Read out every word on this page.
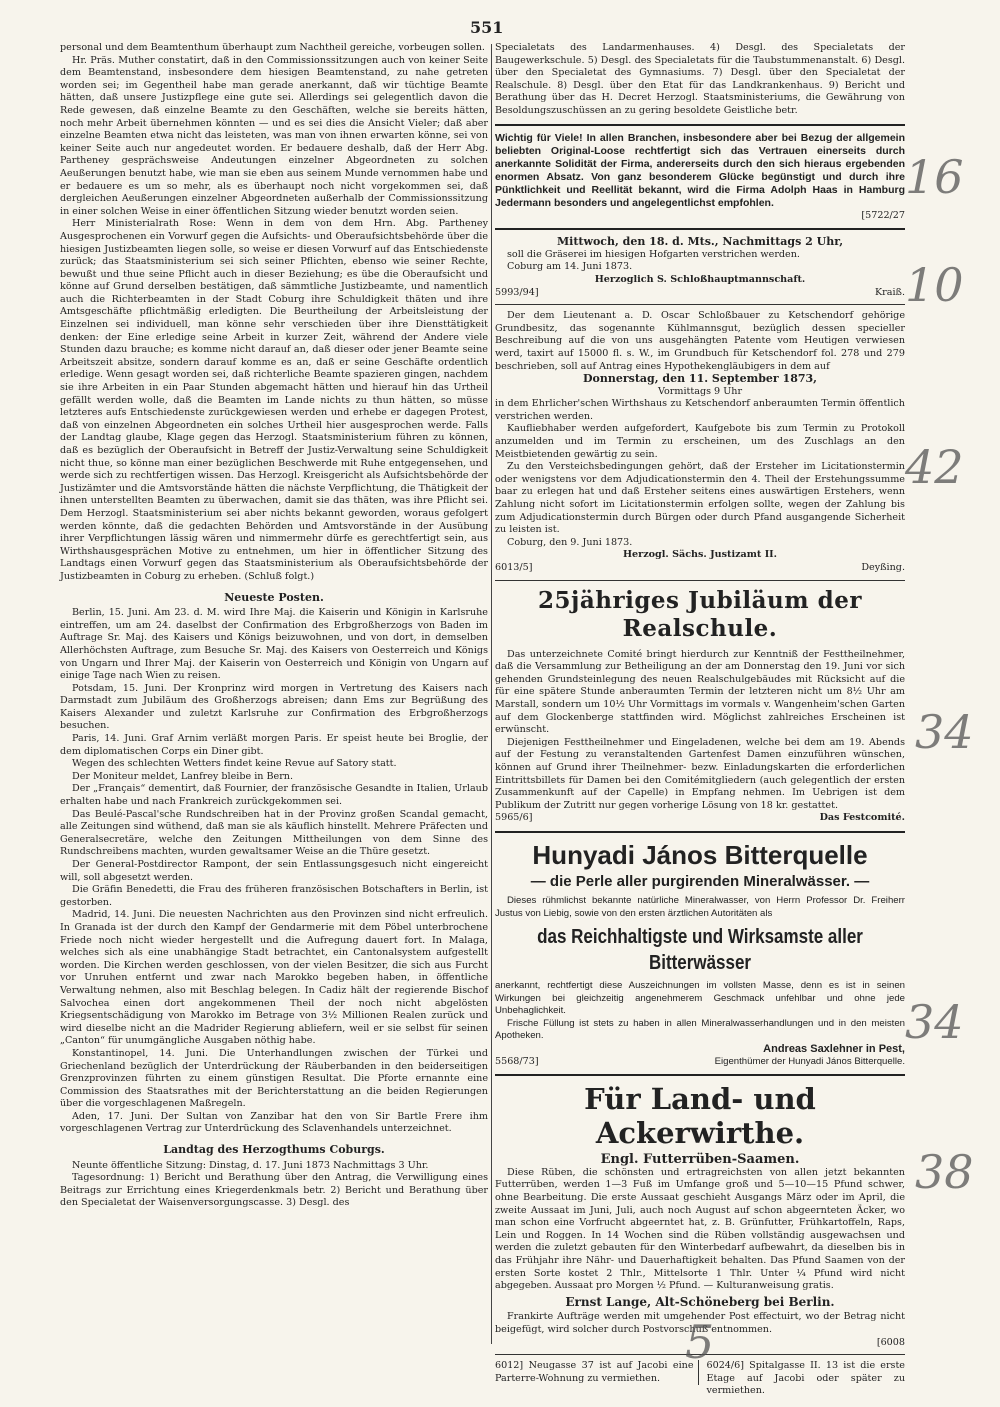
551

personal und dem Beamtenthum überhaupt zum Nachtheil gereiche, vorbeugen sollen.

Hr. Präs. Muther constatirt, daß in den Commissionssitzungen auch von keiner Seite dem Beamtenstand, insbesondere dem hiesigen Beamtenstand, zu nahe getreten worden sei; im Gegentheil habe man gerade anerkannt, daß wir tüchtige Beamte hätten, daß unsere Justizpflege eine gute sei. Allerdings sei gelegentlich davon die Rede gewesen, daß einzelne Beamte zu den Geschäften, welche sie bereits hätten, noch mehr Arbeit übernehmen könnten — und es sei dies die Ansicht Vieler; daß aber einzelne Beamten etwa nicht das leisteten, was man von ihnen erwarten könne, sei von keiner Seite auch nur angedeutet worden. Er bedauere deshalb, daß der Herr Abg. Partheney gesprächsweise Andeutungen einzelner Abgeordneten zu solchen Aeußerungen benutzt habe, wie man sie eben aus seinem Munde vernommen habe und er bedauere es um so mehr, als es überhaupt noch nicht vorgekommen sei, daß dergleichen Aeußerungen einzelner Abgeordneten außerhalb der Commissionssitzung in einer solchen Weise in einer öffentlichen Sitzung wieder benutzt worden seien.

Herr Ministerialrath Rose: Wenn in dem von dem Hrn. Abg. Partheney Ausgesprochenen ein Vorwurf gegen die Aufsichts- und Oberaufsichtsbehörde über die hiesigen Justizbeamten liegen solle, so weise er diesen Vorwurf auf das Entschiedenste zurück; das Staatsministerium sei sich seiner Pflichten, ebenso wie seiner Rechte, bewußt und thue seine Pflicht auch in dieser Beziehung; es übe die Oberaufsicht und könne auf Grund derselben bestätigen, daß sämmtliche Justizbeamte, und namentlich auch die Richterbeamten in der Stadt Coburg ihre Schuldigkeit thäten und ihre Amtsgeschäfte pflichtmäßig erledigten. Die Beurtheilung der Arbeitsleistung der Einzelnen sei individuell, man könne sehr verschieden über ihre Diensttätigkeit denken: der Eine erledige seine Arbeit in kurzer Zeit, während der Andere viele Stunden dazu brauche; es komme nicht darauf an, daß dieser oder jener Beamte seine Arbeitszeit absitze, sondern darauf komme es an, daß er seine Geschäfte ordentlich erledige. Wenn gesagt worden sei, daß richterliche Beamte spazieren gingen, nachdem sie ihre Arbeiten in ein Paar Stunden abgemacht hätten und hierauf hin das Urtheil gefällt werden wolle, daß die Beamten im Lande nichts zu thun hätten, so müsse letzteres aufs Entschiedenste zurückgewiesen werden und erhebe er dagegen Protest, daß von einzelnen Abgeordneten ein solches Urtheil hier ausgesprochen werde. Falls der Landtag glaube, Klage gegen das Herzogl. Staatsministerium führen zu können, daß es bezüglich der Oberaufsicht in Betreff der Justiz-Verwaltung seine Schuldigkeit nicht thue, so könne man einer bezüglichen Beschwerde mit Ruhe entgegensehen, und werde sich zu rechtfertigen wissen. Das Herzogl. Kreisgericht als Aufsichtsbehörde der Justizämter und die Amtsvorstände hätten die nächste Verpflichtung, die Thätigkeit der ihnen unterstellten Beamten zu überwachen, damit sie das thäten, was ihre Pflicht sei. Dem Herzogl. Staatsministerium sei aber nichts bekannt geworden, woraus gefolgert werden könnte, daß die gedachten Behörden und Amtsvorstände in der Ausübung ihrer Verpflichtungen lässig wären und nimmermehr dürfe es gerechtfertigt sein, aus Wirthshausgesprächen Motive zu entnehmen, um hier in öffentlicher Sitzung des Landtags einen Vorwurf gegen das Staatsministerium als Oberaufsichtsbehörde der Justizbeamten in Coburg zu erheben. (Schluß folgt.)

Neueste Posten.

Berlin, 15. Juni. Am 23. d. M. wird Ihre Maj. die Kaiserin und Königin in Karlsruhe eintreffen, um am 24. daselbst der Confirmation des Erbgroßherzogs von Baden im Auftrage Sr. Maj. des Kaisers und Königs beizuwohnen, und von dort, in demselben Allerhöchsten Auftrage, zum Besuche Sr. Maj. des Kaisers von Oesterreich und Königs von Ungarn und Ihrer Maj. der Kaiserin von Oesterreich und Königin von Ungarn auf einige Tage nach Wien zu reisen.

Potsdam, 15. Juni. Der Kronprinz wird morgen in Vertretung des Kaisers nach Darmstadt zum Jubiläum des Großherzogs abreisen; dann Ems zur Begrüßung des Kaisers Alexander und zuletzt Karlsruhe zur Confirmation des Erbgroßherzogs besuchen.

Paris, 14. Juni. Graf Arnim verläßt morgen Paris. Er speist heute bei Broglie, der dem diplomatischen Corps ein Diner gibt.

Wegen des schlechten Wetters findet keine Revue auf Satory statt.

Der Moniteur meldet, Lanfrey bleibe in Bern.

Der „Français“ dementirt, daß Fournier, der französische Gesandte in Italien, Urlaub erhalten habe und nach Frankreich zurückgekommen sei.

Das Beulé-Pascal'sche Rundschreiben hat in der Provinz großen Scandal gemacht, alle Zeitungen sind wüthend, daß man sie als käuflich hinstellt. Mehrere Präfecten und Generalsecretäre, welche den Zeitungen Mittheilungen von dem Sinne des Rundschreibens machten, wurden gewaltsamer Weise an die Thüre gesetzt.

Der General-Postdirector Rampont, der sein Entlassungsgesuch nicht eingereicht will, soll abgesetzt werden.

Die Gräfin Benedetti, die Frau des früheren französischen Botschafters in Berlin, ist gestorben.

Madrid, 14. Juni. Die neuesten Nachrichten aus den Provinzen sind nicht erfreulich. In Granada ist der durch den Kampf der Gendarmerie mit dem Pöbel unterbrochene Friede noch nicht wieder hergestellt und die Aufregung dauert fort. In Malaga, welches sich als eine unabhängige Stadt betrachtet, ein Cantonalsystem aufgestellt worden. Die Kirchen werden geschlossen, von der vielen Besitzer, die sich aus Furcht vor Unruhen entfernt und zwar nach Marokko begeben haben, in öffentliche Verwaltung nehmen, also mit Beschlag belegen. In Cadiz hält der regierende Bischof Salvochea einen dort angekommenen Theil der noch nicht abgelösten Kriegsentschädigung von Marokko im Betrage von 3½ Millionen Realen zurück und wird dieselbe nicht an die Madrider Regierung abliefern, weil er sie selbst für seinen „Canton“ für unumgängliche Ausgaben nöthig habe.

Konstantinopel, 14. Juni. Die Unterhandlungen zwischen der Türkei und Griechenland bezüglich der Unterdrückung der Räuberbanden in den beiderseitigen Grenzprovinzen führten zu einem günstigen Resultat. Die Pforte ernannte eine Commission des Staatsrathes mit der Berichterstattung an die beiden Regierungen über die vorgeschlagenen Maßregeln.

Aden, 17. Juni. Der Sultan von Zanzibar hat den von Sir Bartle Frere ihm vorgeschlagenen Vertrag zur Unterdrückung des Sclavenhandels unterzeichnet.

Landtag des Herzogthums Coburgs.

Neunte öffentliche Sitzung: Dinstag, d. 17. Juni 1873 Nachmittags 3 Uhr.

Tagesordnung: 1) Bericht und Berathung über den Antrag, die Verwilligung eines Beitrags zur Errichtung eines Kriegerdenkmals betr. 2) Bericht und Berathung über den Specialetat der Waisenversorgungscasse. 3) Desgl. des

Specialetats des Landarmenhauses. 4) Desgl. des Specialetats der Baugewerkschule. 5) Desgl. des Specialetats für die Taubstummenanstalt. 6) Desgl. über den Specialetat des Gymnasiums. 7) Desgl. über den Specialetat der Realschule. 8) Desgl. über den Etat für das Landkrankenhaus. 9) Bericht und Berathung über das H. Decret Herzogl. Staatsministeriums, die Gewährung von Besoldungszuschüssen an zu gering besoldete Geistliche betr.

Wichtig für Viele! In allen Branchen, insbesondere aber bei Bezug der allgemein beliebten Original-Loose rechtfertigt sich das Vertrauen einerseits durch anerkannte Solidität der Firma, andererseits durch den sich hieraus ergebenden enormen Absatz. Von ganz besonderem Glücke begünstigt und durch ihre Pünktlichkeit und Reellität bekannt, wird die Firma Adolph Haas in Hamburg Jedermann besonders und angelegentlichst empfohlen.

[5722/27

Mittwoch, den 18. d. Mts., Nachmittags 2 Uhr,

soll die Gräserei im hiesigen Hofgarten verstrichen werden.

Coburg am 14. Juni 1873.

Herzoglich S. Schloßhauptmannschaft.

5993/94]	Kraiß.

Der dem Lieutenant a. D. Oscar Schloßbauer zu Ketschendorf gehörige Grundbesitz, das sogenannte Kühlmannsgut, bezüglich dessen specieller Beschreibung auf die von uns ausgehängten Patente vom Heutigen verwiesen werd, taxirt auf 15000 fl. s. W., im Grundbuch für Ketschendorf fol. 278 und 279 beschrieben, soll auf Antrag eines Hypothekengläubigers in dem auf

Donnerstag, den 11. September 1873,

Vormittags 9 Uhr

in dem Ehrlicher'schen Wirthshaus zu Ketschendorf anberaumten Termin öffentlich verstrichen werden.

Kaufliebhaber werden aufgefordert, Kaufgebote bis zum Termin zu Protokoll anzumelden und im Termin zu erscheinen, um des Zuschlags an den Meistbietenden gewärtig zu sein.

Zu den Versteichsbedingungen gehört, daß der Ersteher im Licitationstermin oder wenigstens vor dem Adjudicationstermin den 4. Theil der Erstehungssumme baar zu erlegen hat und daß Ersteher seitens eines auswärtigen Erstehers, wenn Zahlung nicht sofort im Licitationstermin erfolgen sollte, wegen der Zahlung bis zum Adjudicationstermin durch Bürgen oder durch Pfand ausgangende Sicherheit zu leisten ist.

Coburg, den 9. Juni 1873.

Herzogl. Sächs. Justizamt II.

6013/5]	Deyßing.
25jähriges Jubiläum der Realschule.

Das unterzeichnete Comité bringt hierdurch zur Kenntniß der Festtheilnehmer, daß die Versammlung zur Betheiligung an der am Donnerstag den 19. Juni vor sich gehenden Grundsteinlegung des neuen Realschulgebäudes mit Rücksicht auf die für eine spätere Stunde anberaumten Termin der letzteren nicht um 8½ Uhr am Marstall, sondern um 10½ Uhr Vormittags im vormals v. Wangenheim'schen Garten auf dem Glockenberge stattfinden wird. Möglichst zahlreiches Erscheinen ist erwünscht.

Diejenigen Festtheilnehmer und Eingeladenen, welche bei dem am 19. Abends auf der Festung zu veranstaltenden Gartenfest Damen einzuführen wünschen, können auf Grund ihrer Theilnehmer- bezw. Einladungskarten die erforderlichen Eintrittsbillets für Damen bei den Comitémitgliedern (auch gelegentlich der ersten Zusammenkunft auf der Capelle) in Empfang nehmen. Im Uebrigen ist dem Publikum der Zutritt nur gegen vorherige Lösung von 18 kr. gestattet.

5965/6]	Das Festcomité.
Hunyadi János Bitterquelle
— die Perle aller purgirenden Mineralwässer. —

Dieses rühmlichst bekannte natürliche Mineralwasser, von Herrn Professor Dr. Freiherr Justus von Liebig, sowie von den ersten ärztlichen Autoritäten als

das Reichhaltigste und Wirksamste aller Bitterwässer

anerkannt, rechtfertigt diese Auszeichnungen im vollsten Masse, denn es ist in seinen Wirkungen bei gleichzeitig angenehmerem Geschmack unfehlbar und ohne jede Unbehaglichkeit.

Frische Füllung ist stets zu haben in allen Mineralwasserhandlungen und in den meisten Apotheken.

Andreas Saxlehner in Pest,

5568/73]	Eigenthümer der Hunyadi János Bitterquelle.
Für Land- und Ackerwirthe.

Engl. Futterrüben-Saamen.

Diese Rüben, die schönsten und ertragreichsten von allen jetzt bekannten Futterrüben, werden 1—3 Fuß im Umfange groß und 5—10—15 Pfund schwer, ohne Bearbeitung. Die erste Aussaat geschieht Ausgangs März oder im April, die zweite Aussaat im Juni, Juli, auch noch August auf schon abgeernteten Äcker, wo man schon eine Vorfrucht abgeerntet hat, z. B. Grünfutter, Frühkartoffeln, Raps, Lein und Roggen. In 14 Wochen sind die Rüben vollständig ausgewachsen und werden die zuletzt gebauten für den Winterbedarf aufbewahrt, da dieselben bis in das Frühjahr ihre Nähr- und Dauerhaftigkeit behalten. Das Pfund Saamen von der ersten Sorte kostet 2 Thlr., Mittelsorte 1 Thlr. Unter ¼ Pfund wird nicht abgegeben. Aussaat pro Morgen ½ Pfund. — Kulturanweisung gratis.

Ernst Lange, Alt-Schöneberg bei Berlin.

Frankirte Aufträge werden mit umgehender Post effectuirt, wo der Betrag nicht beigefügt, wird solcher durch Postvorschuß entnommen.

[6008

6012] Neugasse 37 ist auf Jacobi eine Parterre-Wohnung zu vermiethen.

6024/6] Spitalgasse II. 13 ist die erste Etage auf Jacobi oder später zu vermiethen.

16
10
42
34
34
38
5
